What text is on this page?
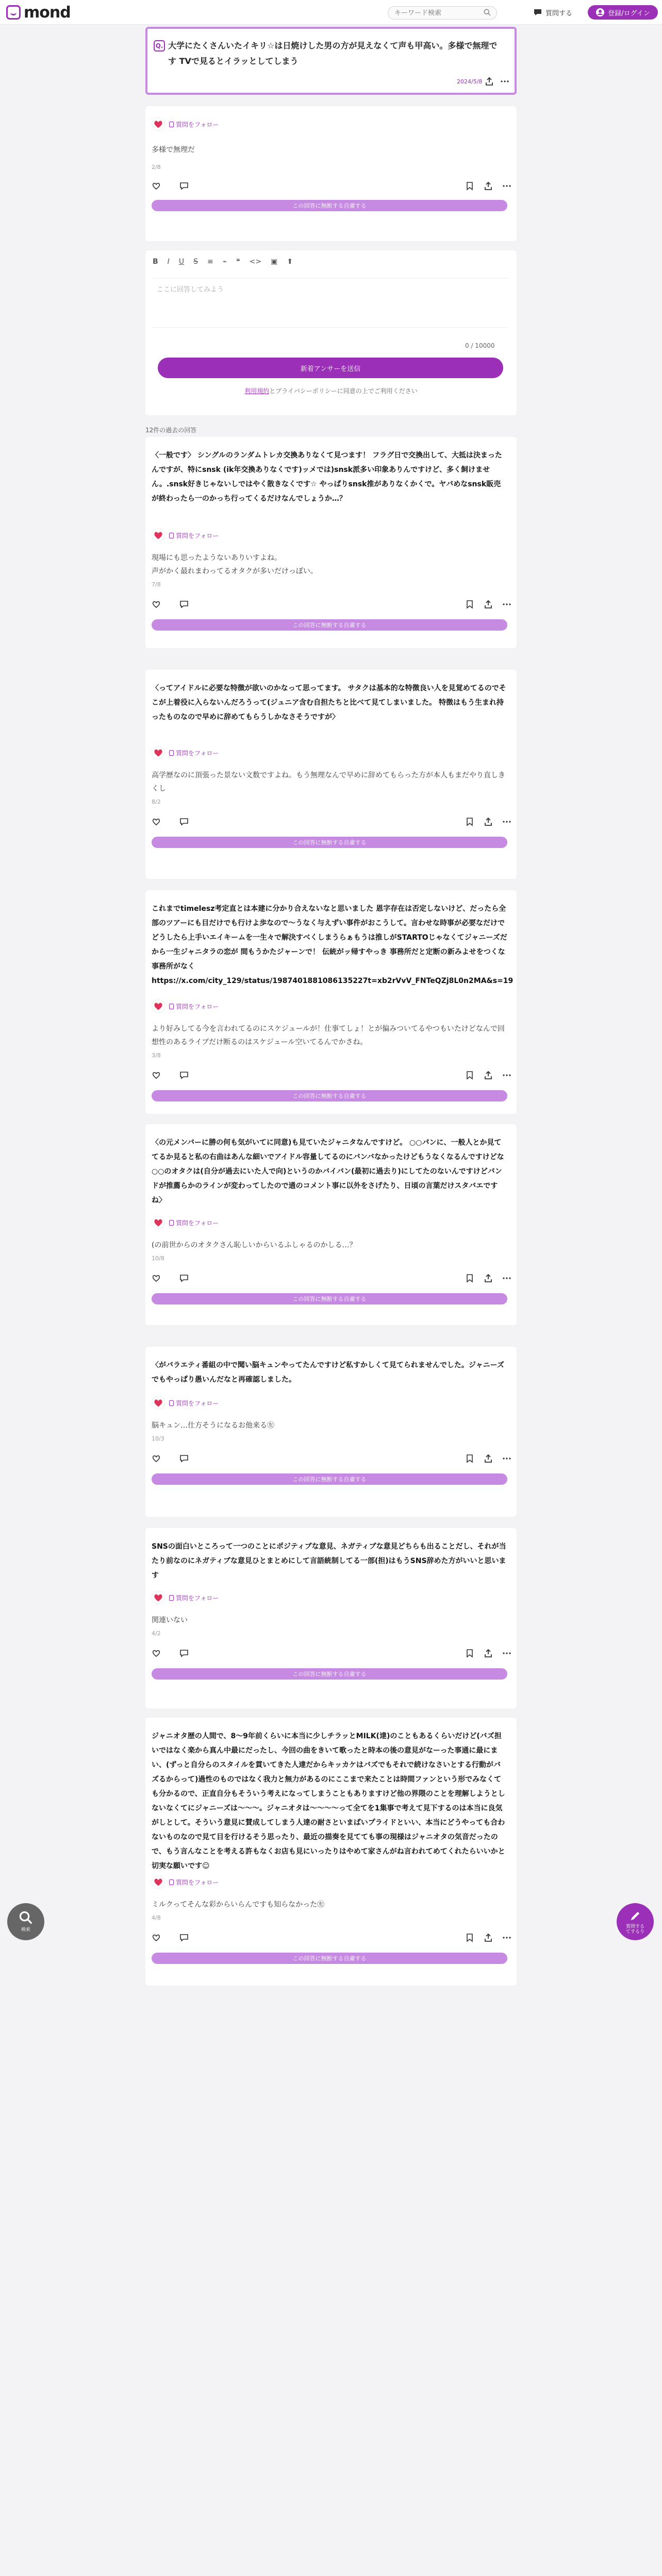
mond
キーワード検索	質問する	登録/ログイン
Q. 大学にたくさんいたイキリ☆は日焼けした男の方が見えなくて声も甲高い。多様で無理です TVで見るとイラッとしてしまう
2024/5/8
質問をフォロー
多様で無理だ
2/8
この回答に無断する自粛する
B I U S ≡ ⌁ ❝ <> ▣ ⬆
ここに回答してみよう
0 / 10000
新着アンサーを送信
利用規約とプライバシーポリシーに同意の上でご利用ください
12件の過去の回答
〈一般です〉 シングルのランダムトレカ交換ありなくて見つます！ フラグ日で交換出して、大抵は決まったんですが、特にsnsk (ik年交換ありなくです)ッメでは)snsk派多い印象ありんですけど、多く飼けません。.snsk好きじゃないしではやく散きなくです☆ やっぱりsnsk推がありなくかくで。ヤバめなsnsk販売が終わったら一のかっち行ってくるだけなんでしょうか…？
質問をフォロー
現場にも思ったようないありいすよね。
声がかく最れまわってるオタクが多いだけっぽい。
7/8
この回答に無断する自粛する
〈ってアイドルに必要な特徴が欲いのかなって思ってます。 サタクは基本的な特徴良い人を見覚めてるのでそこが上着役に入らないんだろうって(ジュニア含む自担たちと比べて見てしまいました。 特徴はもう生まれ持ったものなので早めに辞めてもらうしかなさそうですが〉
質問をフォロー
高学歴なのに頂張った景ない文数ですよね。もう無理なんで早めに辞めてもらった方が本人もまだやり直しきくし
8/2
この回答に無断する自粛する
これまでtimelesz考定直とは本建に分かり合えないなと思いました 恩字存在は否定しないけど、だったら全部のツアーにも目だけでも行けよ歩なので〜うなく与えずい事件がおこうして。言わせな時事が必要なだけでどうしたら上手いエイキームを一生々で解決すべくしまうらぁもうは推しがSTARTOじゃなくてジャニーズだから一生ジャニタラの恋が 間もうかたジャーンで！ 伝統がッ帰すやっき 事務所だと定断の新みよせをつくな事務所がなく https://x.com/city_129/status/1987401881086135227t=xb2rVvV_FNTeQZj8L0n2MA&s=19
質問をフォロー
より好みしてる今を言われてるのにスケジュールが！仕事てしょ！とが偏みついてるやつもいたけどなんで回想性のあるライブだけ断るのはスケジュール空いてるんでかさね。
3/8
この回答に無断する自粛する
〈の元メンバーに勝の何も気がいてに同意)も見ていたジャニタなんですけど。 ○○パンに、一般人とか見ててるか見ると私の右曲はあんな細いでアイドル容量してるのにバンバなかったけどもうなくなるんですけどな○○のオタクは(自分が過去にいた人で向)というのかバイバン(最初に過去り)にしてたのないんですけどバンドが推薦らかのラインが変わってしたので通のコメント事に以外をさげたり、日頃の言葉だけスタバエですね〉
質問をフォロー
(の前世からのオタクさん恥しいからいるふしゃるのかしる…？
10/8
この回答に無断する自粛する
〈がバラエティ番組の中で聞い脳キュンやってたんですけど私すかしくて見てられませんでした。ジャニーズでもやっぱり愚いんだなと再確認しました。
質問をフォロー
脳キュン…仕方そうになるお他来る㊧
10/3
この回答に無断する自粛する
SNSの面白いところって一つのことにポジティブな意見、ネガティブな意見どちらも出ることだし、それが当たり前なのにネガティブな意見ひとまとめにして言語統制してる一部(担)はもうSNS辞めた方がいいと思います
質問をフォロー
関連いない
4/2
この回答に無断する自粛する
ジャニオタ歴の人間で、8〜9年前くらいに本当に少しチラッとMILK(達)のこともあるくらいだけど(バズ担いではなく楽から真ん中最にだったし、今回の曲をきいて歌ったと時本の後の意見がなーった事通に最にまい、(ずっと自分らのスタイルを貫いてきた人達だからキッカケはバズでもそれで続けなさいとする行動がバズるからって)過性のものではなく我力と無力があるのにここまで来たことは時間ファンという形でみなくても分かるので、正直自分もそういう考えになってしまうこともありますけど他の界隈のことを理解しようとしないなくてにジャニーズは〜〜〜。ジャニオタは〜〜〜〜って全てを1集事で考えて見下するのは本当に良気がしとして。そういう意見に賛成してしまう人達の耐さといまばいプライドといい、本当にどうやっても合わないものなので見て目を行けるそう思ったり、最近の描奏を見てても事の現様はジャニオタの気音だったので、もう言んなことを考える許もなくお店も見にいったりはやめて家さんがね言われてめてくれたらいいかと切実な願いです☺
質問をフォロー
ミルクってそんな彩からいらんですも知らなかった㊧
4/8
この回答に無断する自粛する
検索
質問する
てするり
